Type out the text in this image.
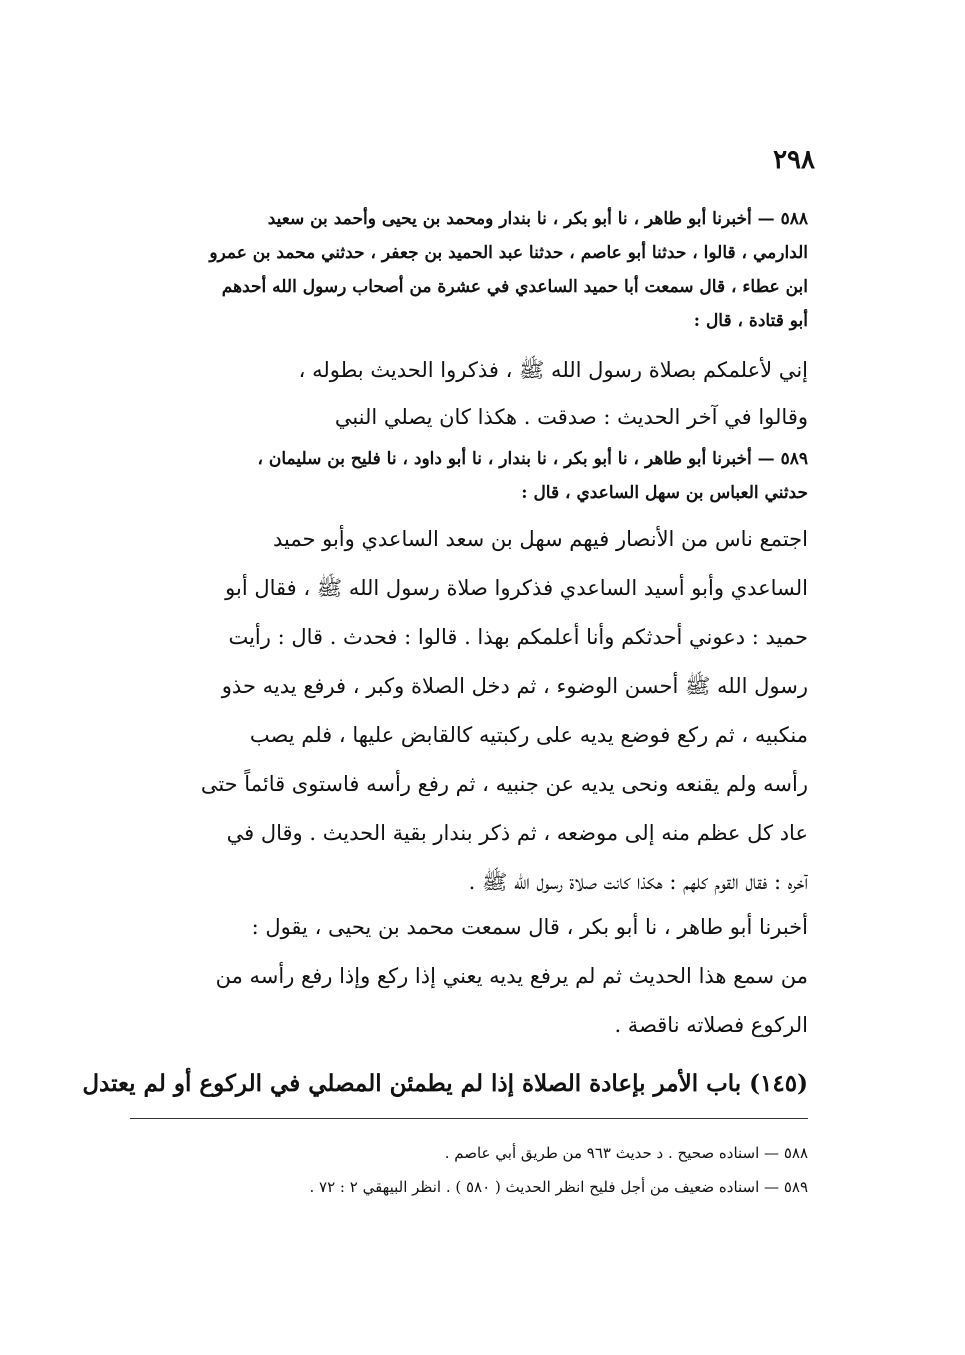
٢٩٨
٥٨٨ — أخبرنا أبو طاهر ، نا أبو بكر ، نا بندار ومحمد بن يحيى وأحمد بن سعيد
الدارمي ، قالوا ، حدثنا أبو عاصم ، حدثنا عبد الحميد بن جعفر ، حدثني محمد بن عمرو
ابن عطاء ، قال سمعت أبا حميد الساعدي في عشرة من أصحاب رسول الله أحدهم
أبو قتادة ، قال :
إني لأعلمكم بصلاة رسول الله ﷺ ، فذكروا الحديث بطوله ،
وقالوا في آخر الحديث : صدقت . هكذا كان يصلي النبي
٥٨٩ — أخبرنا أبو طاهر ، نا أبو بكر ، نا بندار ، نا أبو داود ، نا فليح بن سليمان ،
حدثني العباس بن سهل الساعدي ، قال :
اجتمع ناس من الأنصار فيهم سهل بن سعد الساعدي وأبو حميد
الساعدي وأبو أسيد الساعدي فذكروا صلاة رسول الله ﷺ ، فقال أبو
حميد : دعوني أحدثكم وأنا أعلمكم بهذا . قالوا : فحدث . قال : رأيت
رسول الله ﷺ أحسن الوضوء ، ثم دخل الصلاة وكبر ، فرفع يديه حذو
منكبيه ، ثم ركع فوضع يديه على ركبتيه كالقابض عليها ، فلم يصب
رأسه ولم يقنعه ونحى يديه عن جنبيه ، ثم رفع رأسه فاستوى قائماً حتى
عاد كل عظم منه إلى موضعه ، ثم ذكر بندار بقية الحديث . وقال في
آخره : فقال القوم كلهم : هكذا كانت صلاة رسول الله ﷺ .
أخبرنا أبو طاهر ، نا أبو بكر ، قال سمعت محمد بن يحيى ، يقول :
من سمع هذا الحديث ثم لم يرفع يديه يعني إذا ركع وإذا رفع رأسه من
الركوع فصلاته ناقصة .
(١٤٥) باب الأمر بإعادة الصلاة إذا لم يطمئن المصلي في الركوع أو لم يعتدل
٥٨٨ — اسناده صحيح . د حديث ٩٦٣ من طريق أبي عاصم .
٥٨٩ — اسناده ضعيف من أجل فليح انظر الحديث ( ٥٨٠ ) . انظر البيهقي ٢ : ٧٢ .
